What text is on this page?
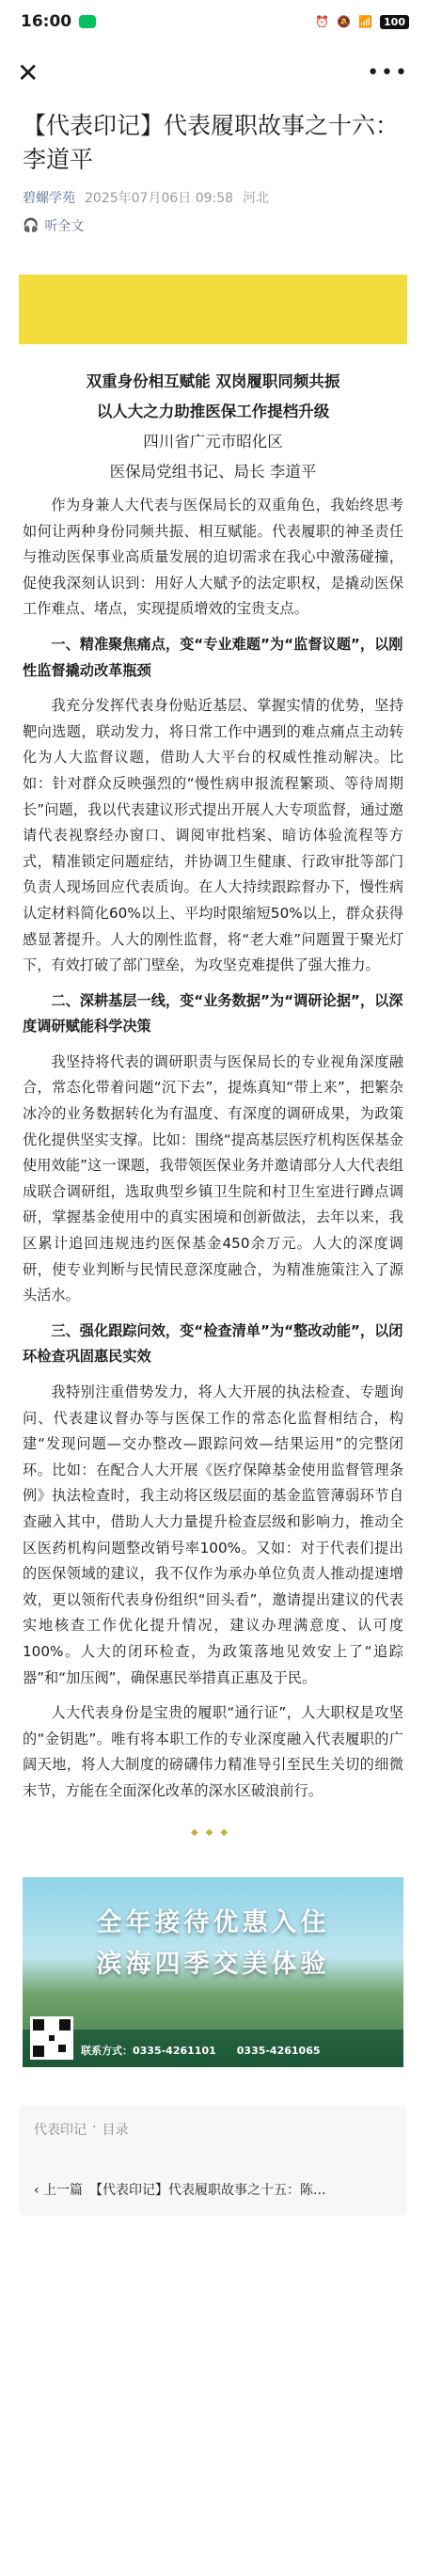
16:00	⏰ 🔕 📶	100
✕	•••
【代表印记】代表履职故事之十六：李道平
碧螺学苑 2025年07月06日 09:58 河北
🎧 听全文
双重身份相互赋能 双岗履职同频共振
以人大之力助推医保工作提档升级
四川省广元市昭化区
医保局党组书记、局长 李道平

作为身兼人大代表与医保局长的双重角色，我始终思考如何让两种身份同频共振、相互赋能。代表履职的神圣责任与推动医保事业高质量发展的迫切需求在我心中激荡碰撞，促使我深刻认识到：用好人大赋予的法定职权，是撬动医保工作难点、堵点，实现提质增效的宝贵支点。

一、精准聚焦痛点，变“专业难题”为“监督议题”，以刚性监督撬动改革瓶颈

我充分发挥代表身份贴近基层、掌握实情的优势，坚持靶向选题，联动发力，将日常工作中遇到的难点痛点主动转化为人大监督议题，借助人大平台的权威性推动解决。比如：针对群众反映强烈的“慢性病申报流程繁琐、等待周期长”问题，我以代表建议形式提出开展人大专项监督，通过邀请代表视察经办窗口、调阅审批档案、暗访体验流程等方式，精准锁定问题症结，并协调卫生健康、行政审批等部门负责人现场回应代表质询。在人大持续跟踪督办下，慢性病认定材料简化60%以上、平均时限缩短50%以上，群众获得感显著提升。人大的刚性监督，将“老大难”问题置于聚光灯下，有效打破了部门壁垒，为攻坚克难提供了强大推力。

二、深耕基层一线，变“业务数据”为“调研论据”，以深度调研赋能科学决策

我坚持将代表的调研职责与医保局长的专业视角深度融合，常态化带着问题“沉下去”，提炼真知“带上来”，把繁杂冰冷的业务数据转化为有温度、有深度的调研成果，为政策优化提供坚实支撑。比如：围绕“提高基层医疗机构医保基金使用效能”这一课题，我带领医保业务并邀请部分人大代表组成联合调研组，选取典型乡镇卫生院和村卫生室进行蹲点调研，掌握基金使用中的真实困境和创新做法，去年以来，我区累计追回违规违约医保基金450余万元。人大的深度调研，使专业判断与民情民意深度融合，为精准施策注入了源头活水。

三、强化跟踪问效，变“检查清单”为“整改动能”，以闭环检查巩固惠民实效

我特别注重借势发力，将人大开展的执法检查、专题询问、代表建议督办等与医保工作的常态化监督相结合，构建“发现问题—交办整改—跟踪问效—结果运用”的完整闭环。比如：在配合人大开展《医疗保障基金使用监督管理条例》执法检查时，我主动将区级层面的基金监管薄弱环节自查融入其中，借助人大力量提升检查层级和影响力，推动全区医药机构问题整改销号率100%。又如：对于代表们提出的医保领域的建议，我不仅作为承办单位负责人推动提速增效，更以领衔代表身份组织“回头看”，邀请提出建议的代表实地核查工作优化提升情况，建议办理满意度、认可度100%。人大的闭环检查，为政策落地见效安上了“追踪器”和“加压阀”，确保惠民举措真正惠及于民。

人大代表身份是宝贵的履职“通行证”，人大职权是攻坚的“金钥匙”。唯有将本职工作的专业深度融入代表履职的广阔天地，将人大制度的磅礴伟力精准导引至民生关切的细微末节，方能在全面深化改革的深水区破浪前行。

◆◆◆
全年接待优惠入住
滨海四季交美体验
联系方式：0335-4261101　　0335-4261065
代表印记 · 目录
‹ 上一篇　【代表印记】代表履职故事之十五：陈...
